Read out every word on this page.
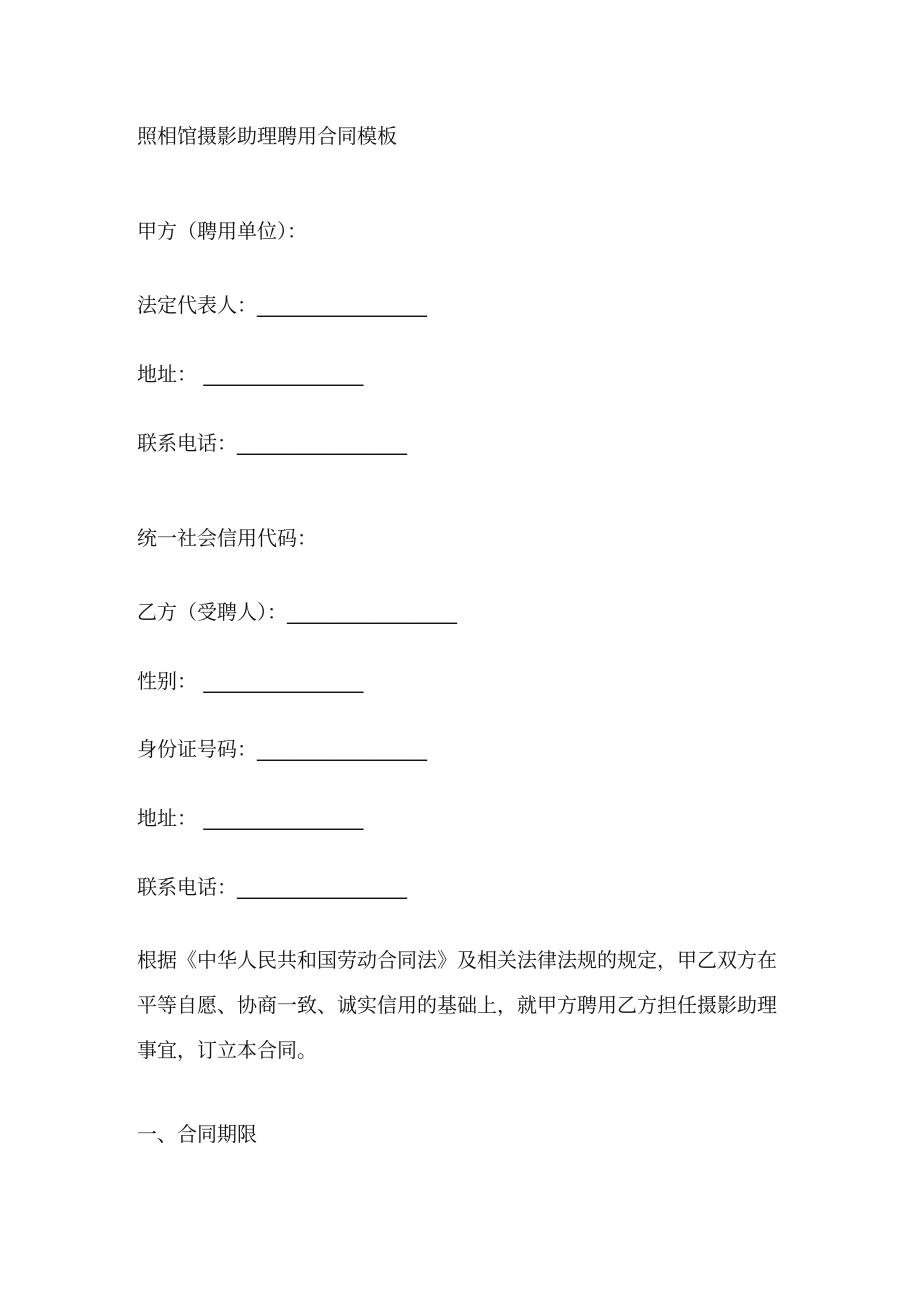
照相馆摄影助理聘用合同模板
甲方（聘用单位）：
法定代表人：_________________
地址： ________________
联系电话：_________________
统一社会信用代码：
乙方（受聘人）：_________________
性别： ________________
身份证号码：_________________
地址： ________________
联系电话：_________________
根据《中华人民共和国劳动合同法》及相关法律法规的规定，甲乙双方在
平等自愿、协商一致、诚实信用的基础上，就甲方聘用乙方担任摄影助理
事宜，订立本合同。
一、合同期限
